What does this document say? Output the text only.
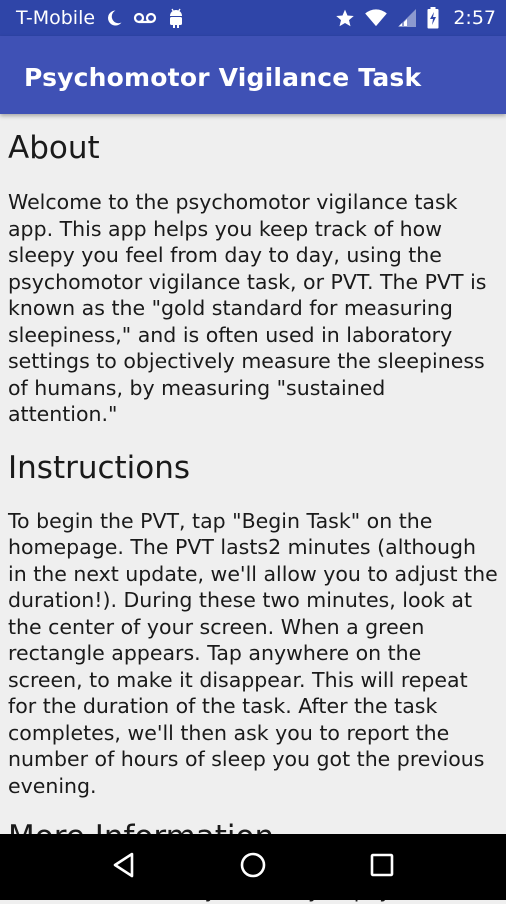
T-Mobile	2:57
Psychomotor Vigilance Task
About

Welcome to the psychomotor vigilance task app. This app helps you keep track of how sleepy you feel from day to day, using the psychomotor vigilance task, or PVT. The PVT is known as the "gold standard for measuring sleepiness," and is often used in laboratory settings to objectively measure the sleepiness of humans, by measuring "sustained attention."

Instructions

To begin the PVT, tap "Begin Task" on the homepage. The PVT lasts2 minutes (although in the next update, we'll allow you to adjust the duration!). During these two minutes, look at the center of your screen. When a green rectangle appears. Tap anywhere on the screen, to make it disappear. This will repeat for the duration of the task. After the task completes, we'll then ask you to report the number of hours of sleep you got the previous evening.
